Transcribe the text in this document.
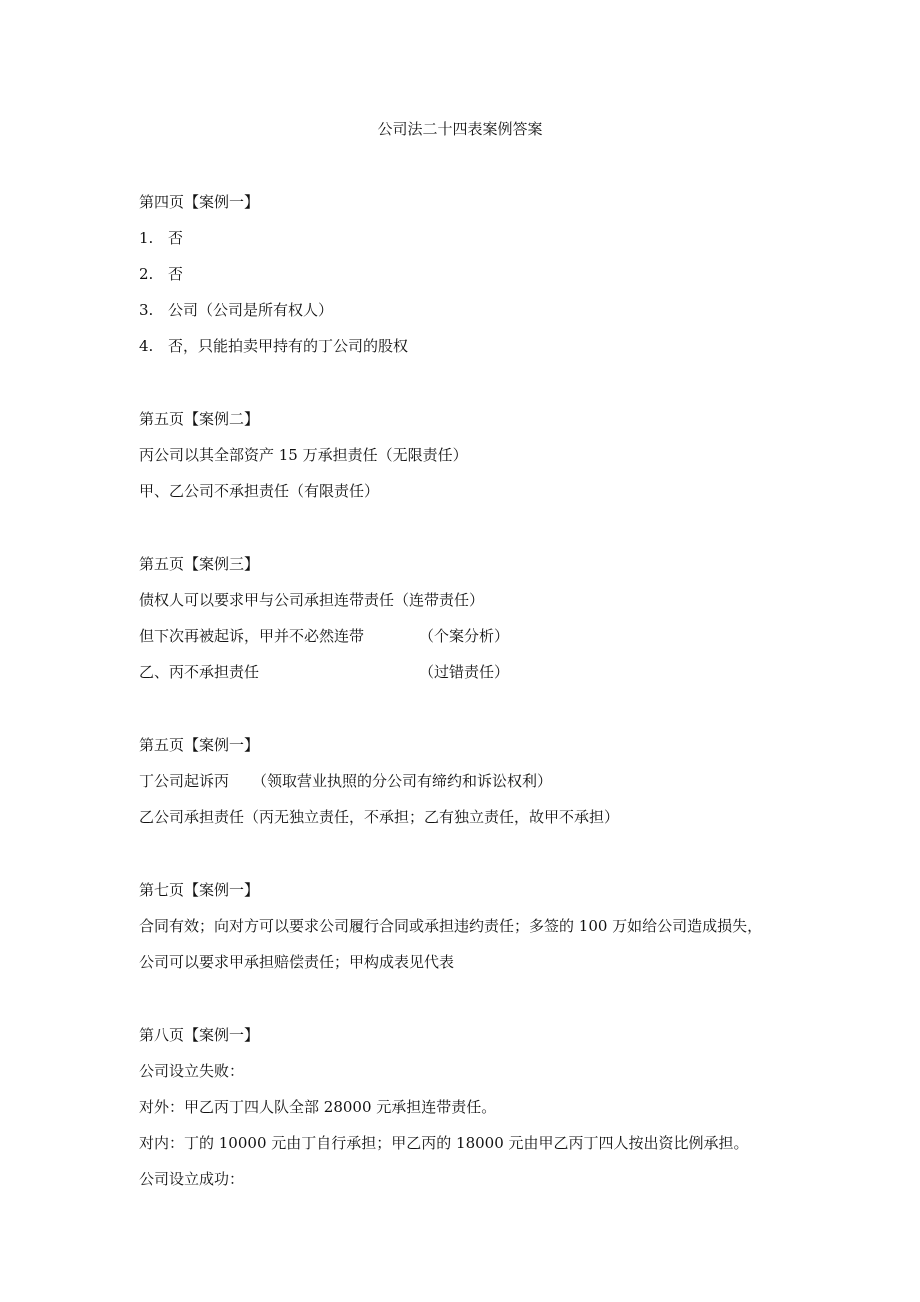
公司法二十四表案例答案
第四页【案例一】
1. 否
2. 否
3. 公司（公司是所有权人）
4. 否，只能拍卖甲持有的丁公司的股权
第五页【案例二】
丙公司以其全部资产 15 万承担责任（无限责任）
甲、乙公司不承担责任（有限责任）
第五页【案例三】
债权人可以要求甲与公司承担连带责任（连带责任）
但下次再被起诉，甲并不必然连带	（个案分析）
乙、丙不承担责任	（过错责任）
第五页【案例一】
丁公司起诉丙 （领取营业执照的分公司有缔约和诉讼权利）
乙公司承担责任（丙无独立责任，不承担；乙有独立责任，故甲不承担）
第七页【案例一】
合同有效；向对方可以要求公司履行合同或承担违约责任；多签的 100 万如给公司造成损失，
公司可以要求甲承担赔偿责任；甲构成表见代表
第八页【案例一】
公司设立失败：
对外：甲乙丙丁四人队全部 28000 元承担连带责任。
对内：丁的 10000 元由丁自行承担；甲乙丙的 18000 元由甲乙丙丁四人按出资比例承担。
公司设立成功：
